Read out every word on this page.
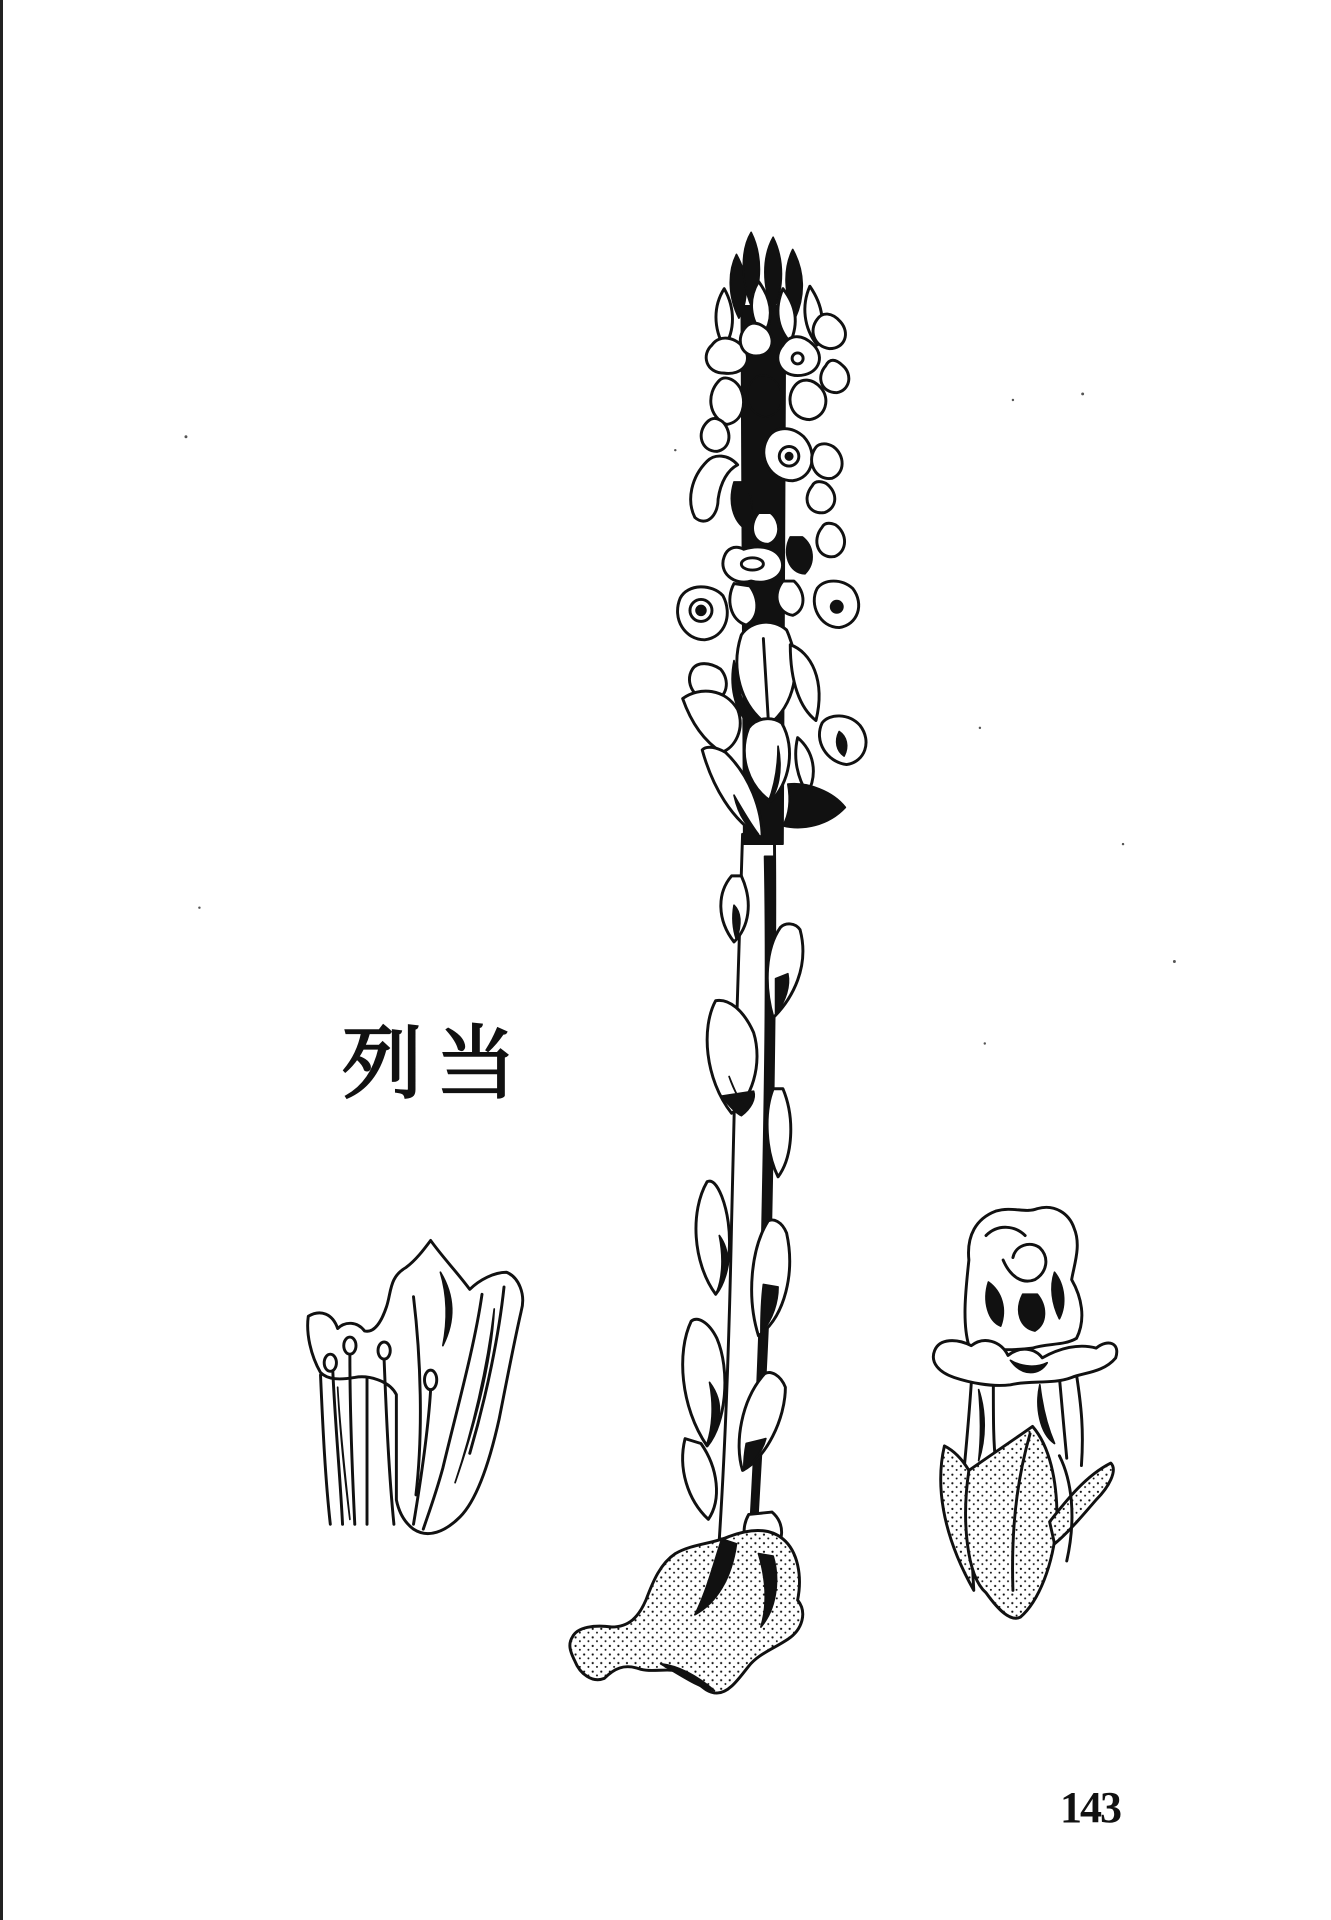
列当
143
